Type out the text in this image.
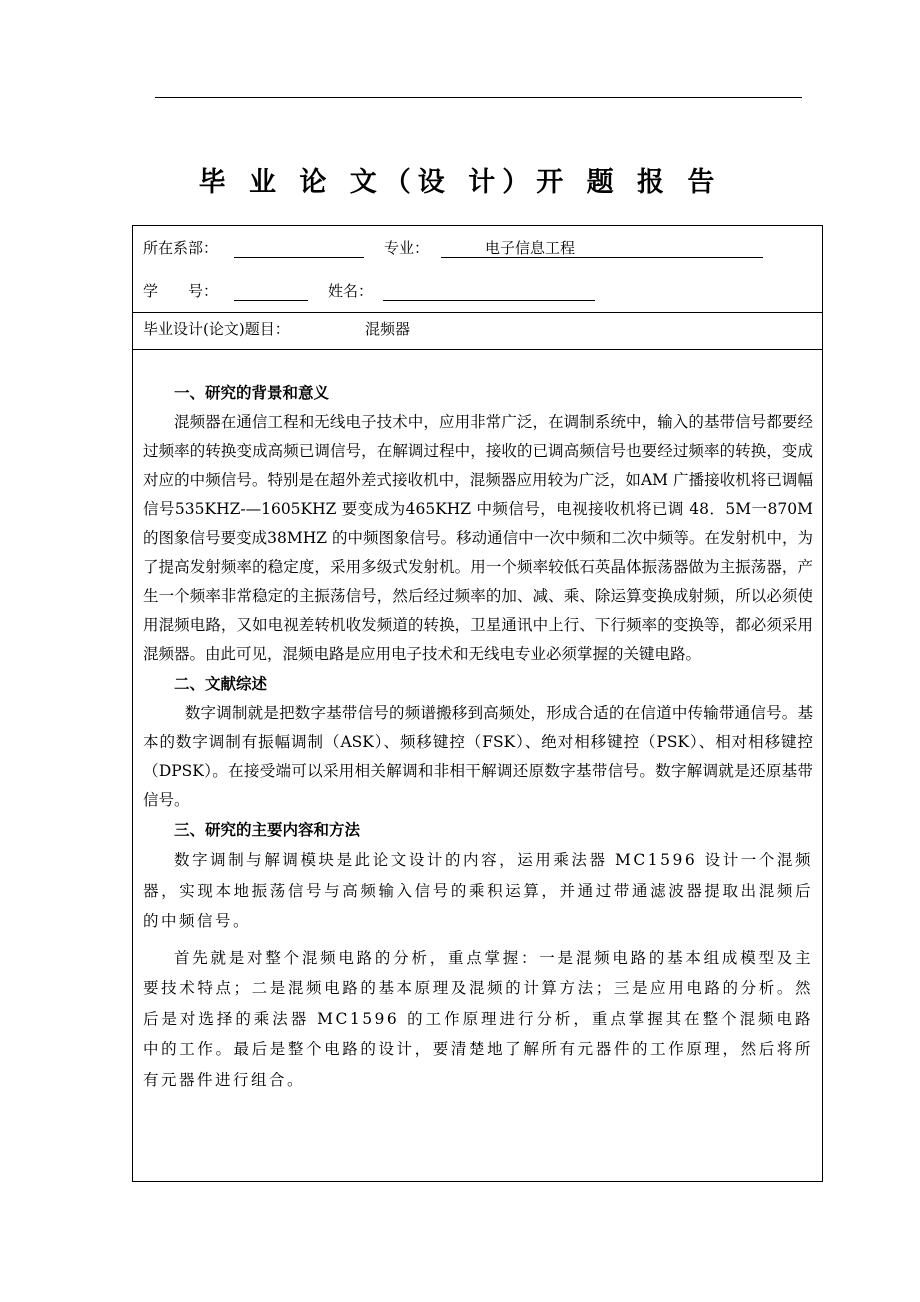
毕 业 论 文（设 计）开 题 报 告
所在系部：	专业：	电子信息工程
学　　号：	姓名：
毕业设计(论文)题目：	混频器
一、研究的背景和意义

混频器在通信工程和无线电子技术中，应用非常广泛，在调制系统中，输入的基带信号都要经过频率的转换变成高频已调信号，在解调过程中，接收的已调高频信号也要经过频率的转换，变成对应的中频信号。特别是在超外差式接收机中，混频器应用较为广泛，如AM 广播接收机将已调幅信号535KHZ-—1605KHZ 要变成为465KHZ 中频信号，电视接收机将已调 48．5M一870M 的图象信号要变成38MHZ 的中频图象信号。移动通信中一次中频和二次中频等。在发射机中，为了提高发射频率的稳定度，采用多级式发射机。用一个频率较低石英晶体振荡器做为主振荡器，产生一个频率非常稳定的主振荡信号，然后经过频率的加、减、乘、除运算变换成射频，所以必须使用混频电路，又如电视差转机收发频道的转换，卫星通讯中上行、下行频率的变换等，都必须采用混频器。由此可见，混频电路是应用电子技术和无线电专业必须掌握的关键电路。

二、文献综述

数字调制就是把数字基带信号的频谱搬移到高频处，形成合适的在信道中传输带通信号。基本的数字调制有振幅调制（ASK）、频移键控（FSK）、绝对相移键控（PSK）、相对相移键控（DPSK）。在接受端可以采用相关解调和非相干解调还原数字基带信号。数字解调就是还原基带信号。

三、研究的主要内容和方法

数字调制与解调模块是此论文设计的内容，运用乘法器 MC1596 设计一个混频器，实现本地振荡信号与高频输入信号的乘积运算，并通过带通滤波器提取出混频后的中频信号。

首先就是对整个混频电路的分析，重点掌握：一是混频电路的基本组成模型及主要技术特点；二是混频电路的基本原理及混频的计算方法；三是应用电路的分析。然后是对选择的乘法器 MC1596 的工作原理进行分析，重点掌握其在整个混频电路中的工作。最后是整个电路的设计，要清楚地了解所有元器件的工作原理，然后将所有元器件进行组合。
